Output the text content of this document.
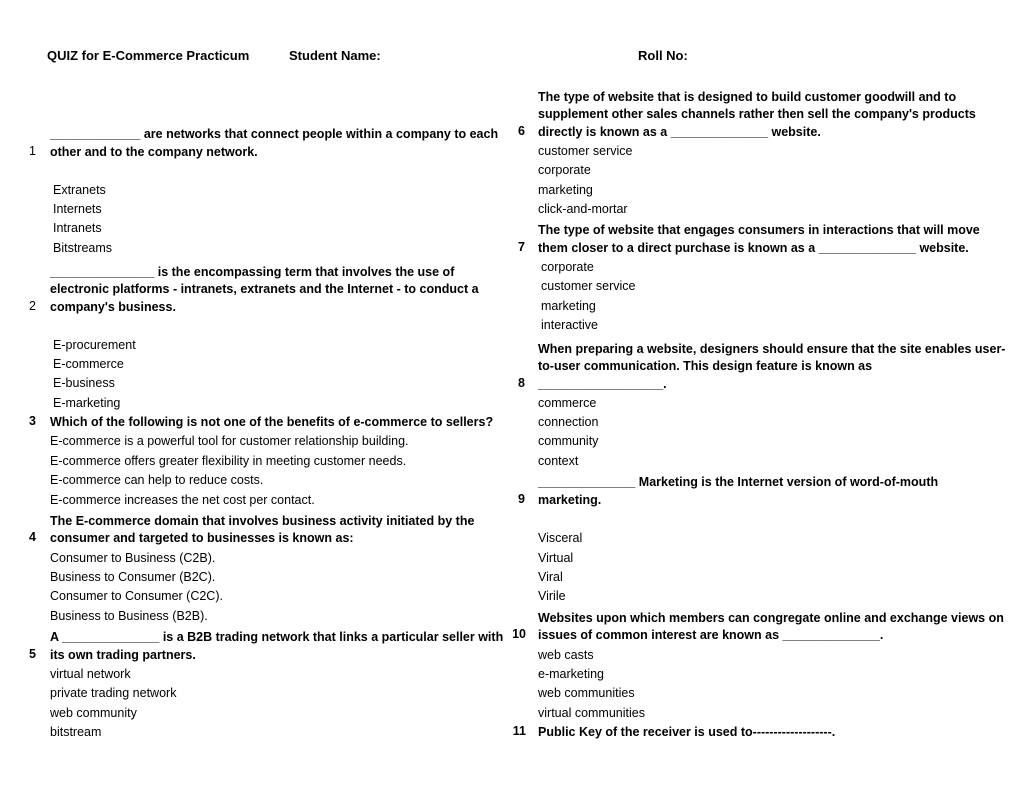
QUIZ for E-Commerce Practicum	Student Name:	Roll No:
1
_____________ are networks that connect people within a company to each
other and to the company network.
Extranets
Internets
Intranets
Bitstreams
2
_______________ is the encompassing term that involves the use of
electronic platforms - intranets, extranets and the Internet - to conduct a
company's business.
E-procurement
E-commerce
E-business
E-marketing
3 Which of the following is not one of the benefits of e-commerce to sellers?
E-commerce is a powerful tool for customer relationship building.
E-commerce offers greater flexibility in meeting customer needs.
E-commerce can help to reduce costs.
E-commerce increases the net cost per contact.
4
The E-commerce domain that involves business activity initiated by the
consumer and targeted to businesses is known as:
Consumer to Business (C2B).
Business to Consumer (B2C).
Consumer to Consumer (C2C).
Business to Business (B2B).
5
A ______________ is a B2B trading network that links a particular seller with
its own trading partners.
virtual network
private trading network
web community
bitstream
6
The type of website that is designed to build customer goodwill and to
supplement other sales channels rather then sell the company's products
directly is known as a ______________ website.
customer service
corporate
marketing
click-and-mortar
7
The type of website that engages consumers in interactions that will move
them closer to a direct purchase is known as a ______________ website.
corporate
customer service
marketing
interactive
8
When preparing a website, designers should ensure that the site enables user-
to-user communication. This design feature is known as
__________________.
commerce
connection
community
context
9
______________ Marketing is the Internet version of word-of-mouth
marketing.
Visceral
Virtual
Viral
Virile
10
Websites upon which members can congregate online and exchange views on
issues of common interest are known as ______________.
web casts
e-marketing
web communities
virtual communities
11 Public Key of the receiver is used to-------------------.
